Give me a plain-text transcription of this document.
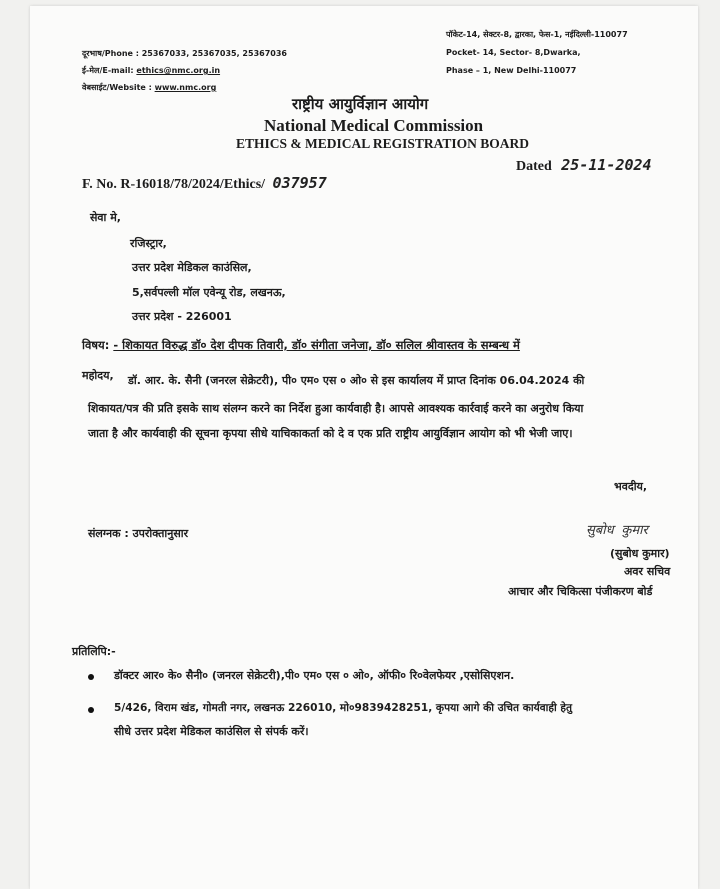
दूरभाष/Phone : 25367033, 25367035, 25367036
ई-मेल/E-mail: ethics@nmc.org.in
वेबसाईट/Website : www.nmc.org
पॉकेट-14, सेक्टर-8, द्वारका, फेस-1, नईदिल्ली-110077
Pocket- 14, Sector- 8,Dwarka,
Phase – 1, New Delhi-110077
राष्ट्रीय आयुर्विज्ञान आयोग
National Medical Commission
ETHICS & MEDICAL REGISTRATION BOARD
Dated 25-11-2024
F. No. R-16018/78/2024/Ethics/ 037957
सेवा मे,
रजिस्ट्रार,
उत्तर प्रदेश मेडिकल काउंसिल,
5,सर्वपल्ली मॉल एवेन्यू रोड, लखनऊ,
उत्तर प्रदेश - 226001
विषय: - शिकायत विरुद्ध डॉ० देश दीपक तिवारी, डॉ० संगीता जनेजा, डॉ० सलिल श्रीवास्तव के सम्बन्ध में
महोदय, डॉ. आर. के. सैनी (जनरल सेक्रेटरी), पी० एम० एस ० ओ० से इस कार्यालय में प्राप्त दिनांक 06.04.2024 की
शिकायत/पत्र की प्रति इसके साथ संलग्न करने का निर्देश हुआ कार्यवाही है। आपसे आवश्यक कार्रवाई करने का अनुरोध किया
जाता है और कार्यवाही की सूचना कृपया सीधे याचिकाकर्ता को दे व एक प्रति राष्ट्रीय आयुर्विज्ञान आयोग को भी भेजी जाए।
भवदीय,
संलग्नक : उपरोक्तानुसार	सुबोध कुमार
(सुबोध कुमार)
अवर सचिव
आचार और चिकित्सा पंजीकरण बोर्ड
प्रतिलिपि:-
डॉक्टर आर० के० सैनी० (जनरल सेक्रेटरी),पी० एम० एस ० ओ०, ऑफी० रि०वेलफेयर ,एसोसिएशन.
5/426, विराम खंड, गोमती नगर, लखनऊ 226010, मो०9839428251, कृपया आगे की उचित कार्यवाही हेतु
सीधे उत्तर प्रदेश मेडिकल काउंसिल से संपर्क करें।
